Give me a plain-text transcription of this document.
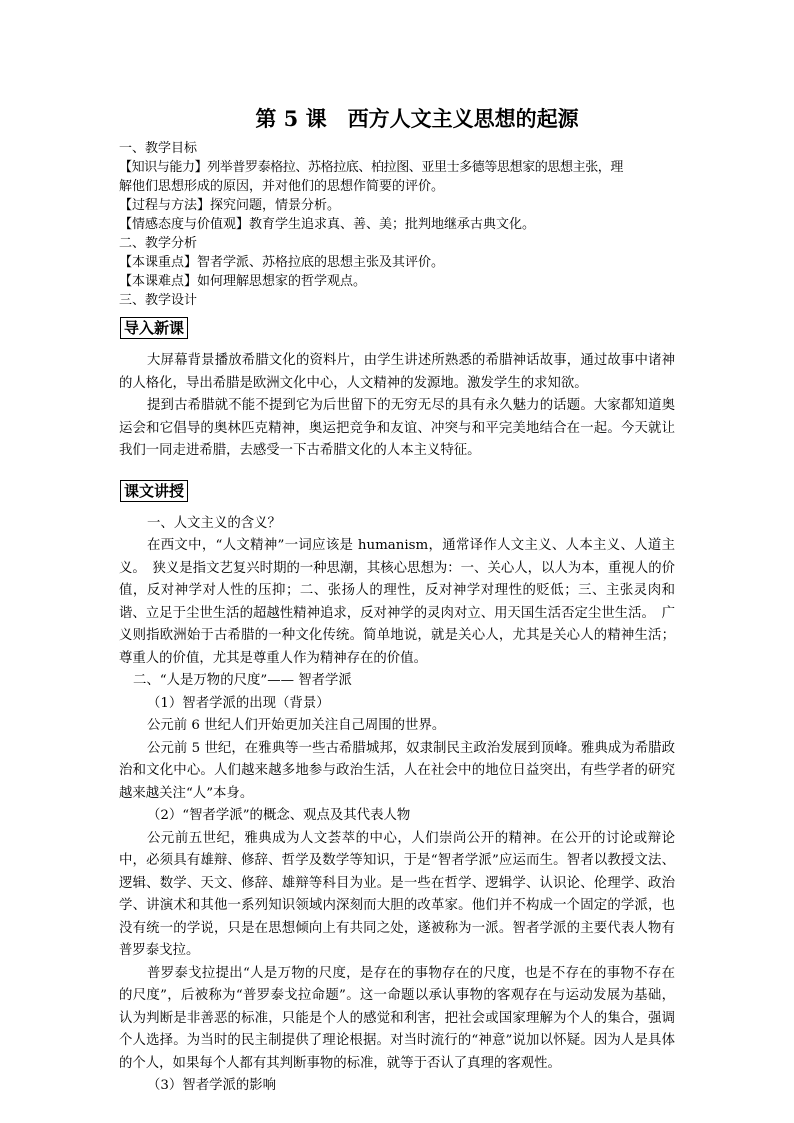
第 5 课　西方人文主义思想的起源
一、教学目标
【知识与能力】列举普罗泰格拉、苏格拉底、柏拉图、亚里士多德等思想家的思想主张，理
解他们思想形成的原因，并对他们的思想作简要的评价。
【过程与方法】探究问题，情景分析。
【情感态度与价值观】教育学生追求真、善、美；批判地继承古典文化。
二、教学分析
【本课重点】智者学派、苏格拉底的思想主张及其评价。
【本课难点】如何理解思想家的哲学观点。
三、教学设计
导入新课

大屏幕背景播放希腊文化的资料片，由学生讲述所熟悉的希腊神话故事，通过故事中诸神的人格化，导出希腊是欧洲文化中心，人文精神的发源地。激发学生的求知欲。

提到古希腊就不能不提到它为后世留下的无穷无尽的具有永久魅力的话题。大家都知道奥运会和它倡导的奥林匹克精神，奥运把竞争和友谊、冲突与和平完美地结合在一起。今天就让我们一同走进希腊，去感受一下古希腊文化的人本主义特征。

课文讲授

一、人文主义的含义？

在西文中，“人文精神”一词应该是 humanism，通常译作人文主义、人本主义、人道主义。　狭义是指文艺复兴时期的一种思潮，其核心思想为：一、关心人，以人为本，重视人的价值，反对神学对人性的压抑；二、张扬人的理性，反对神学对理性的贬低；三、主张灵肉和谐、立足于尘世生活的超越性精神追求，反对神学的灵肉对立、用天国生活否定尘世生活。　广义则指欧洲始于古希腊的一种文化传统。简单地说，就是关心人，尤其是关心人的精神生活；尊重人的价值，尤其是尊重人作为精神存在的价值。

二、“人是万物的尺度”—— 智者学派

（1）智者学派的出现（背景）

公元前 6 世纪人们开始更加关注自己周围的世界。

公元前 5 世纪，在雅典等一些古希腊城邦，奴隶制民主政治发展到顶峰。雅典成为希腊政治和文化中心。人们越来越多地参与政治生活，人在社会中的地位日益突出，有些学者的研究越来越关注“人”本身。

（2）“智者学派”的概念、观点及其代表人物

公元前五世纪，雅典成为人文荟萃的中心，人们崇尚公开的精神。在公开的讨论或辩论中，必须具有雄辩、修辞、哲学及数学等知识，于是“智者学派”应运而生。智者以教授文法、逻辑、数学、天文、修辞、雄辩等科目为业。是一些在哲学、逻辑学、认识论、伦理学、政治学、讲演术和其他一系列知识领域内深刻而大胆的改革家。他们并不构成一个固定的学派，也没有统一的学说，只是在思想倾向上有共同之处，遂被称为一派。智者学派的主要代表人物有普罗泰戈拉。

普罗泰戈拉提出“人是万物的尺度，是存在的事物存在的尺度，也是不存在的事物不存在的尺度”，后被称为“普罗泰戈拉命题”。这一命题以承认事物的客观存在与运动发展为基础，认为判断是非善恶的标准，只能是个人的感觉和利害，把社会或国家理解为个人的集合，强调个人选择。为当时的民主制提供了理论根据。对当时流行的“神意”说加以怀疑。因为人是具体的个人，如果每个人都有其判断事物的标准，就等于否认了真理的客观性。

（3）智者学派的影响
